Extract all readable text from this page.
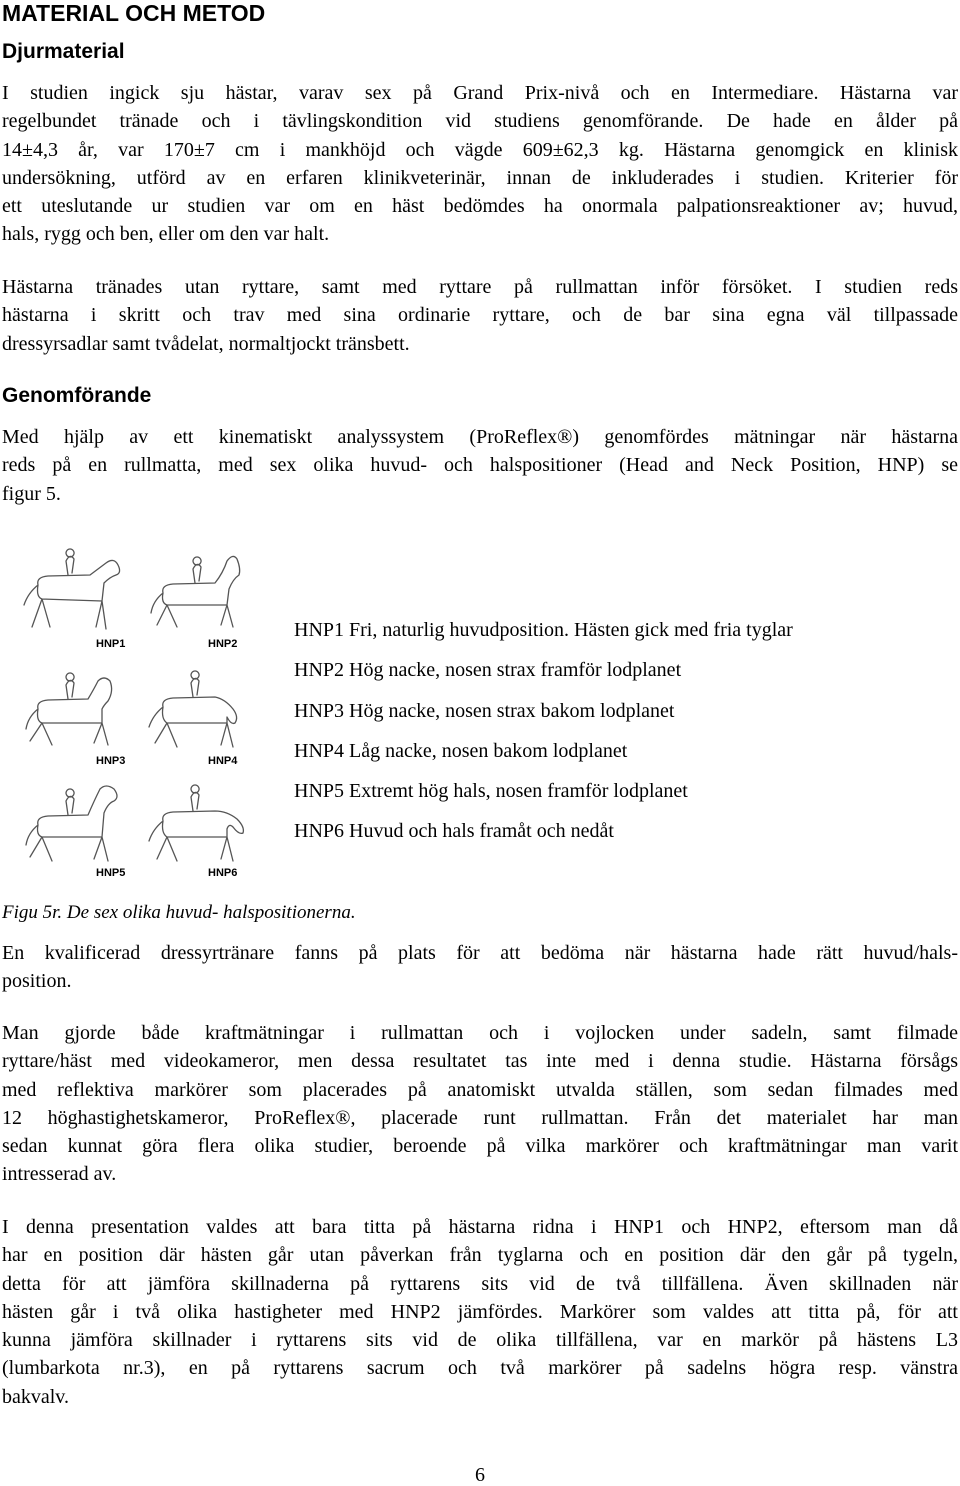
MATERIAL OCH METOD
Djurmaterial
I studien ingick sju hästar, varav sex på Grand Prix-nivå och en Intermediare. Hästarna var
regelbundet tränade och i tävlingskondition vid studiens genomförande. De hade en ålder på
14±4,3 år, var 170±7 cm i mankhöjd och vägde 609±62,3 kg. Hästarna genomgick en klinisk
undersökning, utförd av en erfaren klinikveterinär, innan de inkluderades i studien. Kriterier för
ett uteslutande ur studien var om en häst bedömdes ha onormala palpationsreaktioner av; huvud,
hals, rygg och ben, eller om den var halt.
Hästarna tränades utan ryttare, samt med ryttare på rullmattan inför försöket. I studien reds
hästarna i skritt och trav med sina ordinarie ryttare, och de bar sina egna väl tillpassade
dressyrsadlar samt tvådelat, normaltjockt tränsbett.
Genomförande
Med hjälp av ett kinematiskt analyssystem (ProReflex®) genomfördes mätningar när hästarna
reds på en rullmatta, med sex olika huvud- och halspositioner (Head and Neck Position, HNP) se
figur 5.
HNP1	HNP2
HNP3	HNP4
HNP5	HNP6
HNP1 Fri, naturlig huvudposition. Hästen gick med fria tyglar
HNP2 Hög nacke, nosen strax framför lodplanet
HNP3 Hög nacke, nosen strax bakom lodplanet
HNP4 Låg nacke, nosen bakom lodplanet
HNP5 Extremt hög hals, nosen framför lodplanet
HNP6 Huvud och hals framåt och nedåt

Figu 5r. De sex olika huvud- halspositionerna.

En kvalificerad dressyrtränare fanns på plats för att bedöma när hästarna hade rätt huvud/hals-
position.
Man gjorde både kraftmätningar i rullmattan och i vojlocken under sadeln, samt filmade
ryttare/häst med videokameror, men dessa resultatet tas inte med i denna studie. Hästarna försågs
med reflektiva markörer som placerades på anatomiskt utvalda ställen, som sedan filmades med
12 höghastighetskameror, ProReflex®, placerade runt rullmattan. Från det materialet har man
sedan kunnat göra flera olika studier, beroende på vilka markörer och kraftmätningar man varit
intresserad av.
I denna presentation valdes att bara titta på hästarna ridna i HNP1 och HNP2, eftersom man då
har en position där hästen går utan påverkan från tyglarna och en position där den går på tygeln,
detta för att jämföra skillnaderna på ryttarens sits vid de två tillfällena. Även skillnaden när
hästen går i två olika hastigheter med HNP2 jämfördes. Markörer som valdes att titta på, för att
kunna jämföra skillnader i ryttarens sits vid de olika tillfällena, var en markör på hästens L3
(lumbarkota nr.3), en på ryttarens sacrum och två markörer på sadelns högra resp. vänstra
bakvalv.
6
